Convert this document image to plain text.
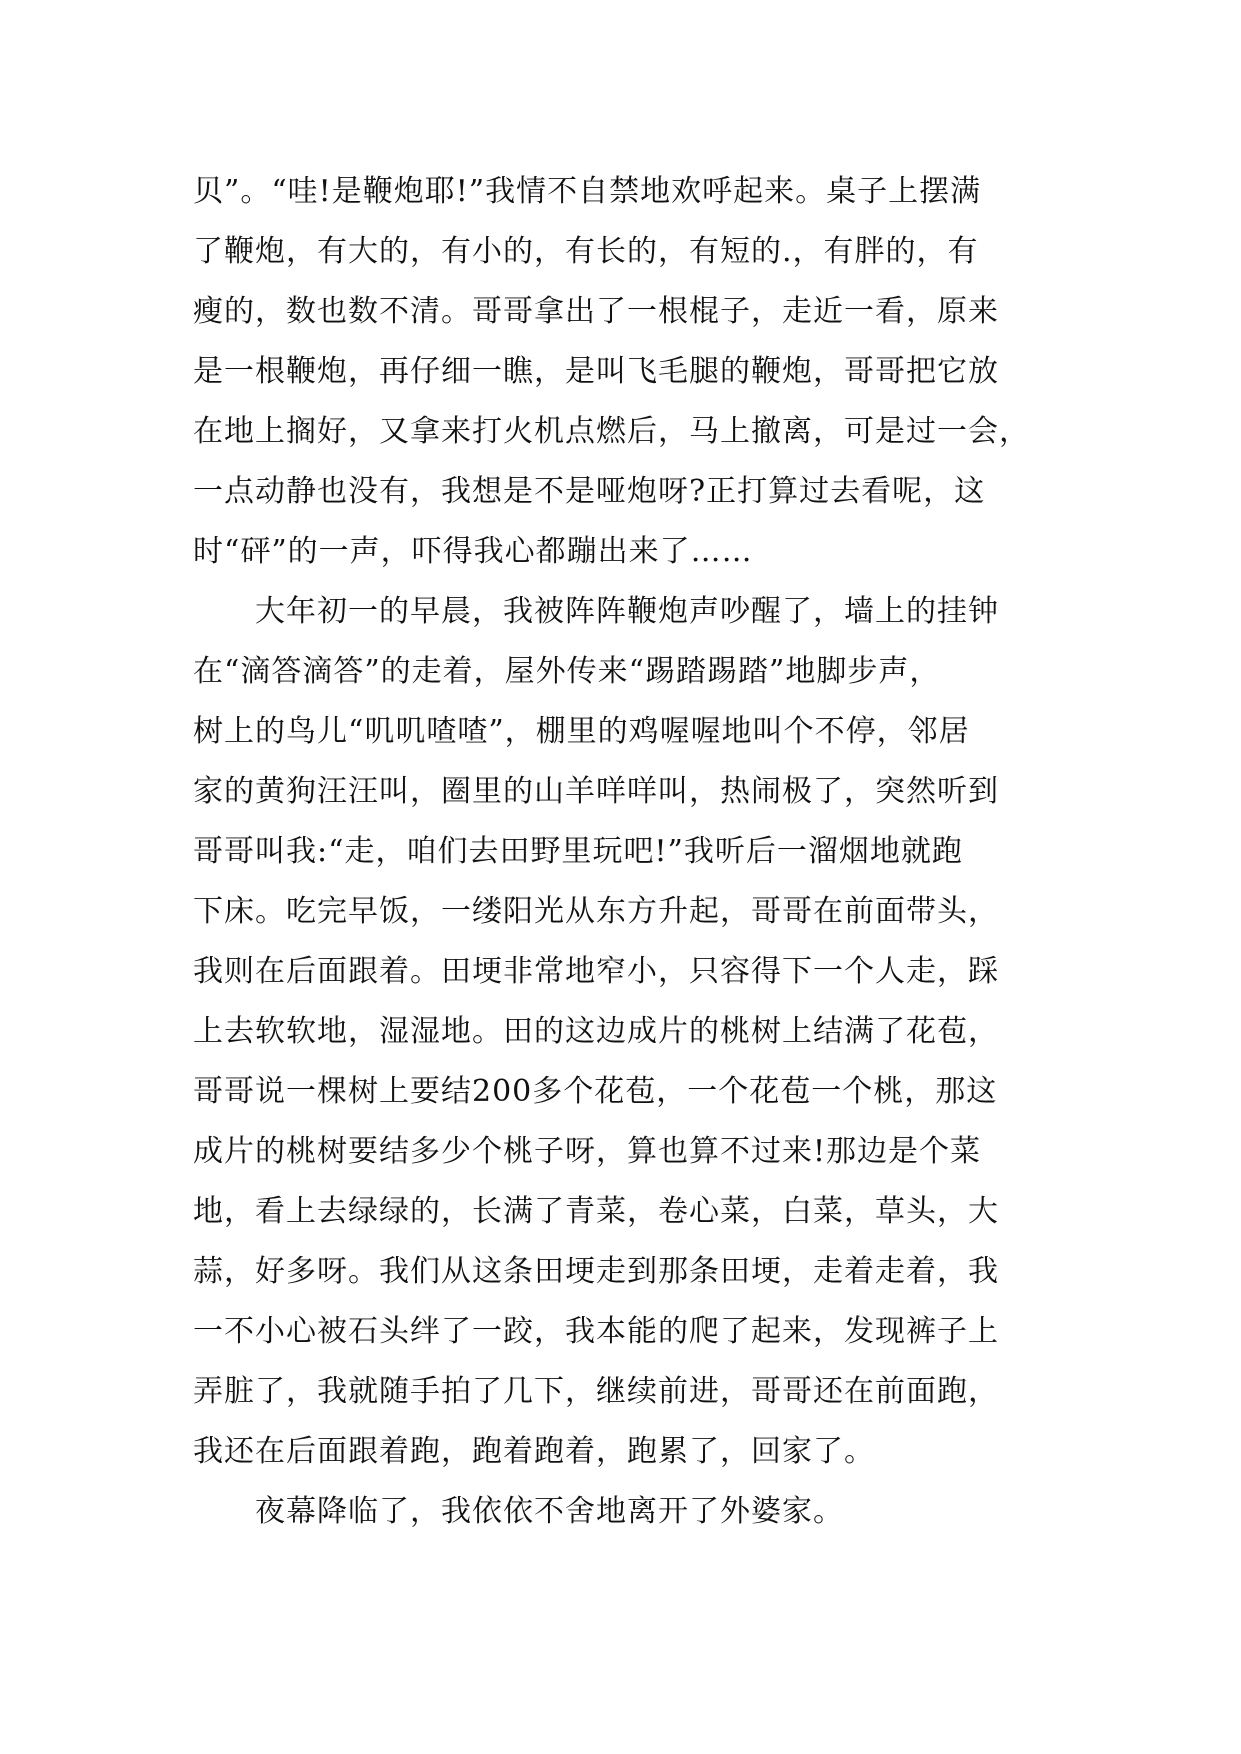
贝”。“哇!是鞭炮耶!”我情不自禁地欢呼起来。桌子上摆满
了鞭炮，有大的，有小的，有长的，有短的.，有胖的，有
瘦的，数也数不清。哥哥拿出了一根棍子，走近一看，原来
是一根鞭炮，再仔细一瞧，是叫飞毛腿的鞭炮，哥哥把它放
在地上搁好，又拿来打火机点燃后，马上撤离，可是过一会，
一点动静也没有，我想是不是哑炮呀?正打算过去看呢，这
时“砰”的一声，吓得我心都蹦出来了……
　　大年初一的早晨，我被阵阵鞭炮声吵醒了，墙上的挂钟
在“滴答滴答”的走着，屋外传来“踢踏踢踏”地脚步声，
树上的鸟儿“叽叽喳喳”，棚里的鸡喔喔地叫个不停，邻居
家的黄狗汪汪叫，圈里的山羊咩咩叫，热闹极了，突然听到
哥哥叫我:“走，咱们去田野里玩吧!”我听后一溜烟地就跑
下床。吃完早饭，一缕阳光从东方升起，哥哥在前面带头，
我则在后面跟着。田埂非常地窄小，只容得下一个人走，踩
上去软软地，湿湿地。田的这边成片的桃树上结满了花苞，
哥哥说一棵树上要结200多个花苞，一个花苞一个桃，那这
成片的桃树要结多少个桃子呀，算也算不过来!那边是个菜
地，看上去绿绿的，长满了青菜，卷心菜，白菜，草头，大
蒜，好多呀。我们从这条田埂走到那条田埂，走着走着，我
一不小心被石头绊了一跤，我本能的爬了起来，发现裤子上
弄脏了，我就随手拍了几下，继续前进，哥哥还在前面跑，
我还在后面跟着跑，跑着跑着，跑累了，回家了。
　　夜幕降临了，我依依不舍地离开了外婆家。
